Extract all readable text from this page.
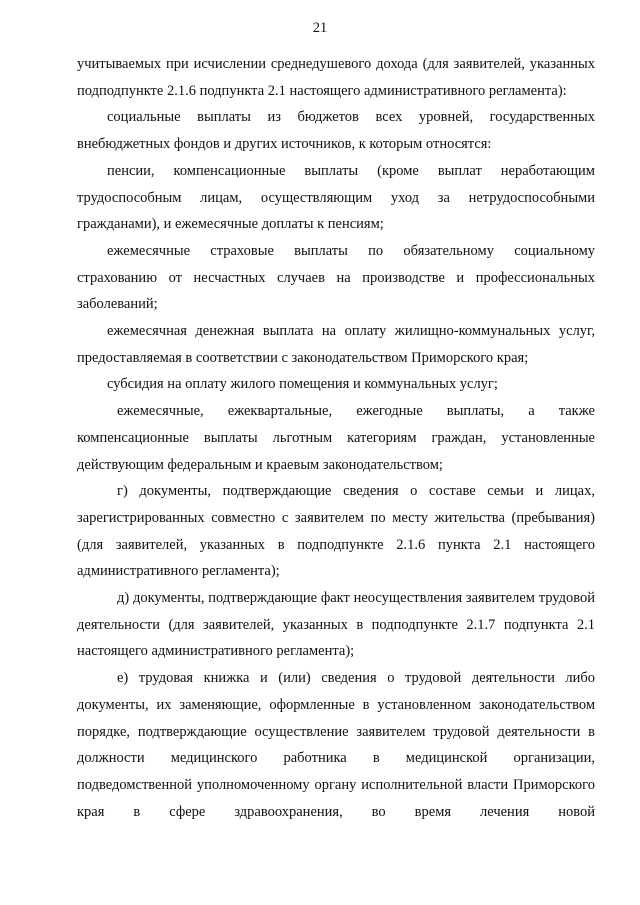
21

учитываемых при исчислении среднедушевого дохода (для заявителей, указанных подподпункте 2.1.6 подпункта 2.1 настоящего административного регламента):

социальные выплаты из бюджетов всех уровней, государственных внебюджетных фондов и других источников, к которым относятся:

пенсии, компенсационные выплаты (кроме выплат неработающим трудоспособным лицам, осуществляющим уход за нетрудоспособными гражданами), и ежемесячные доплаты к пенсиям;

ежемесячные страховые выплаты по обязательному социальному страхованию от несчастных случаев на производстве и профессиональных заболеваний;

ежемесячная денежная выплата на оплату жилищно-коммунальных услуг, предоставляемая в соответствии с законодательством Приморского края;

субсидия на оплату жилого помещения и коммунальных услуг;

ежемесячные, ежеквартальные, ежегодные выплаты, а также компенсационные выплаты льготным категориям граждан, установленные действующим федеральным и краевым законодательством;

г) документы, подтверждающие сведения о составе семьи и лицах, зарегистрированных совместно с заявителем по месту жительства (пребывания) (для заявителей, указанных в подподпункте 2.1.6 пункта 2.1 настоящего административного регламента);

д) документы, подтверждающие факт неосуществления заявителем трудовой деятельности (для заявителей, указанных в подподпункте 2.1.7 подпункта 2.1 настоящего административного регламента);

е) трудовая книжка и (или) сведения о трудовой деятельности либо документы, их заменяющие, оформленные в установленном законодательством порядке, подтверждающие осуществление заявителем трудовой деятельности в должности медицинского работника в медицинской организации, подведомственной уполномоченному органу исполнительной власти Приморского края в сфере здравоохранения, во время лечения новой
